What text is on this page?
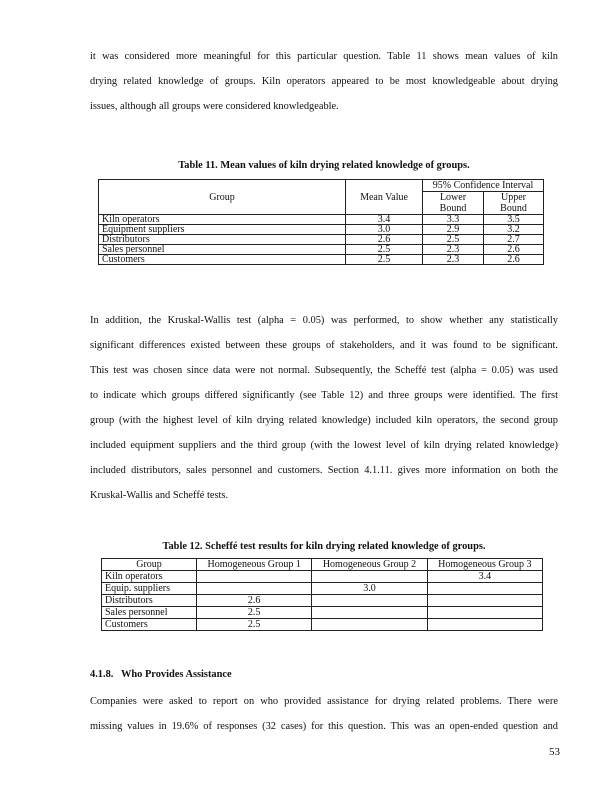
it was considered more meaningful for this particular question. Table 11 shows mean values of kiln
drying related knowledge of groups. Kiln operators appeared to be most knowledgeable about drying
issues, although all groups were considered knowledgeable.

Table 11. Mean values of kiln drying related knowledge of groups.

Group	Mean Value	95% Confidence Interval	
		Lower Bound	Upper Bound
Kiln operators	3.4	3.3	3.5
Equipment suppliers	3.0	2.9	3.2
Distributors	2.6	2.5	2.7
Sales personnel	2.5	2.3	2.6
Customers	2.5	2.3	2.6

In addition, the Kruskal-Wallis test (alpha = 0.05) was performed, to show whether any statistically
significant differences existed between these groups of stakeholders, and it was found to be significant.
This test was chosen since data were not normal. Subsequently, the Scheffé test (alpha = 0.05) was used
to indicate which groups differed significantly (see Table 12) and three groups were identified. The first
group (with the highest level of kiln drying related knowledge) included kiln operators, the second group
included equipment suppliers and the third group (with the lowest level of kiln drying related knowledge)
included distributors, sales personnel and customers. Section 4.1.11. gives more information on both the
Kruskal-Wallis and Scheffé tests.

Table 12. Scheffé test results for kiln drying related knowledge of groups.

Group	Homogeneous Group 1	Homogeneous Group 2	Homogeneous Group 3
Kiln operators			3.4
Equip. suppliers		3.0	
Distributors	2.6		
Sales personnel	2.5		
Customers	2.5		

4.1.8.   Who Provides Assistance

Companies were asked to report on who provided assistance for drying related problems. There were
missing values in 19.6% of responses (32 cases) for this question. This was an open-ended question and

53
